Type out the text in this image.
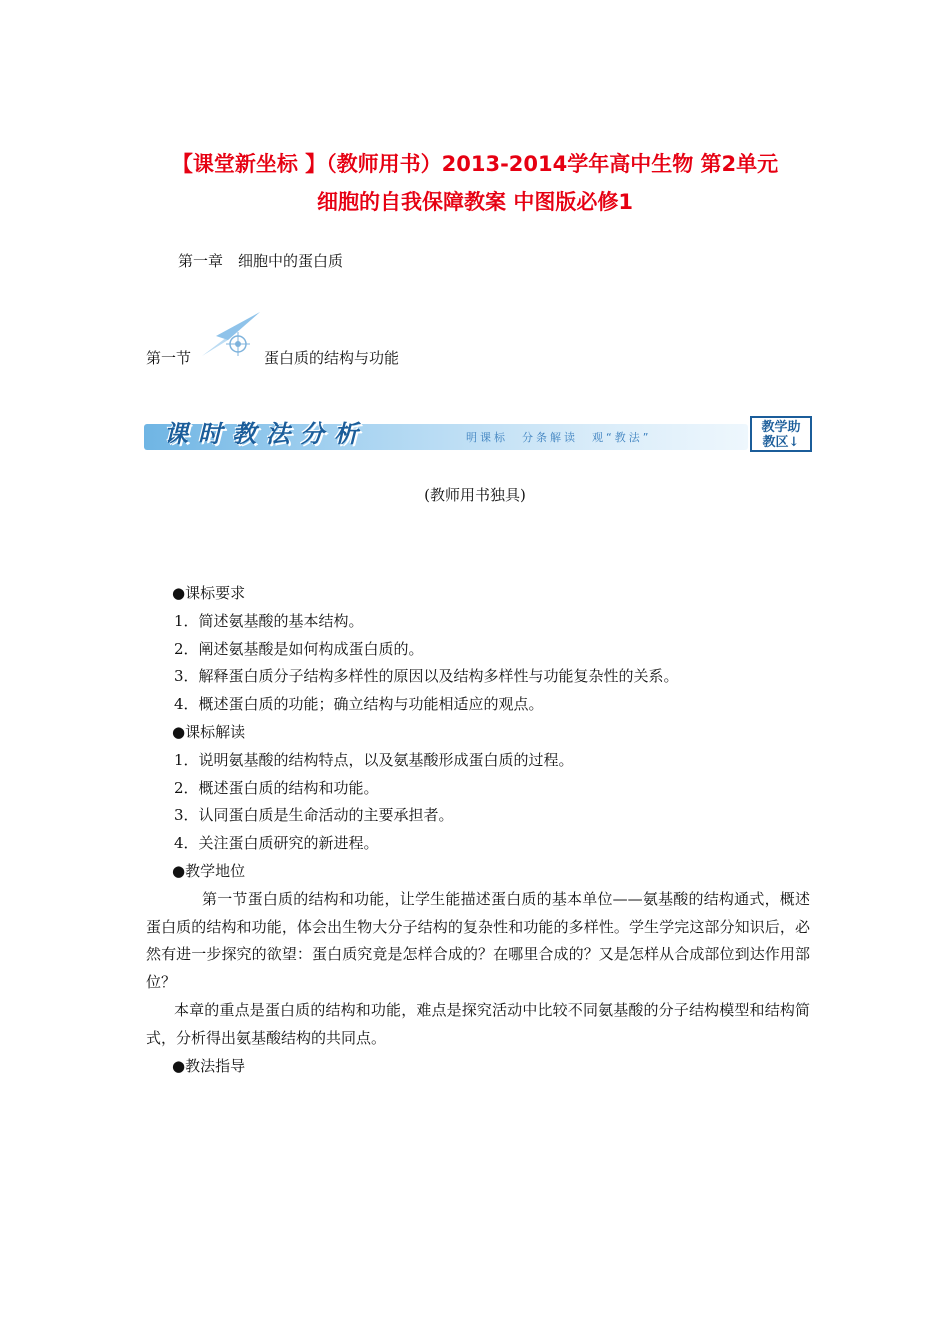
【课堂新坐标 】（教师用书）2013-2014学年高中生物 第2单元
细胞的自我保障教案 中图版必修1
第一章　细胞中的蛋白质
第一节	蛋白质的结构与功能
课时教法分析	明课标　分条解读　观“教法”
教学助
教区↓
(教师用书独具)
●课标要求
1．简述氨基酸的基本结构。
2．阐述氨基酸是如何构成蛋白质的。
3．解释蛋白质分子结构多样性的原因以及结构多样性与功能复杂性的关系。
4．概述蛋白质的功能；确立结构与功能相适应的观点。
●课标解读
1．说明氨基酸的结构特点，以及氨基酸形成蛋白质的过程。
2．概述蛋白质的结构和功能。
3．认同蛋白质是生命活动的主要承担者。
4．关注蛋白质研究的新进程。
●教学地位
第一节蛋白质的结构和功能，让学生能描述蛋白质的基本单位——氨基酸的结构通式，概述蛋白质的结构和功能，体会出生物大分子结构的复杂性和功能的多样性。学生学完这部分知识后，必然有进一步探究的欲望：蛋白质究竟是怎样合成的？在哪里合成的？又是怎样从合成部位到达作用部位？
本章的重点是蛋白质的结构和功能，难点是探究活动中比较不同氨基酸的分子结构模型和结构简式，分析得出氨基酸结构的共同点。
●教法指导
